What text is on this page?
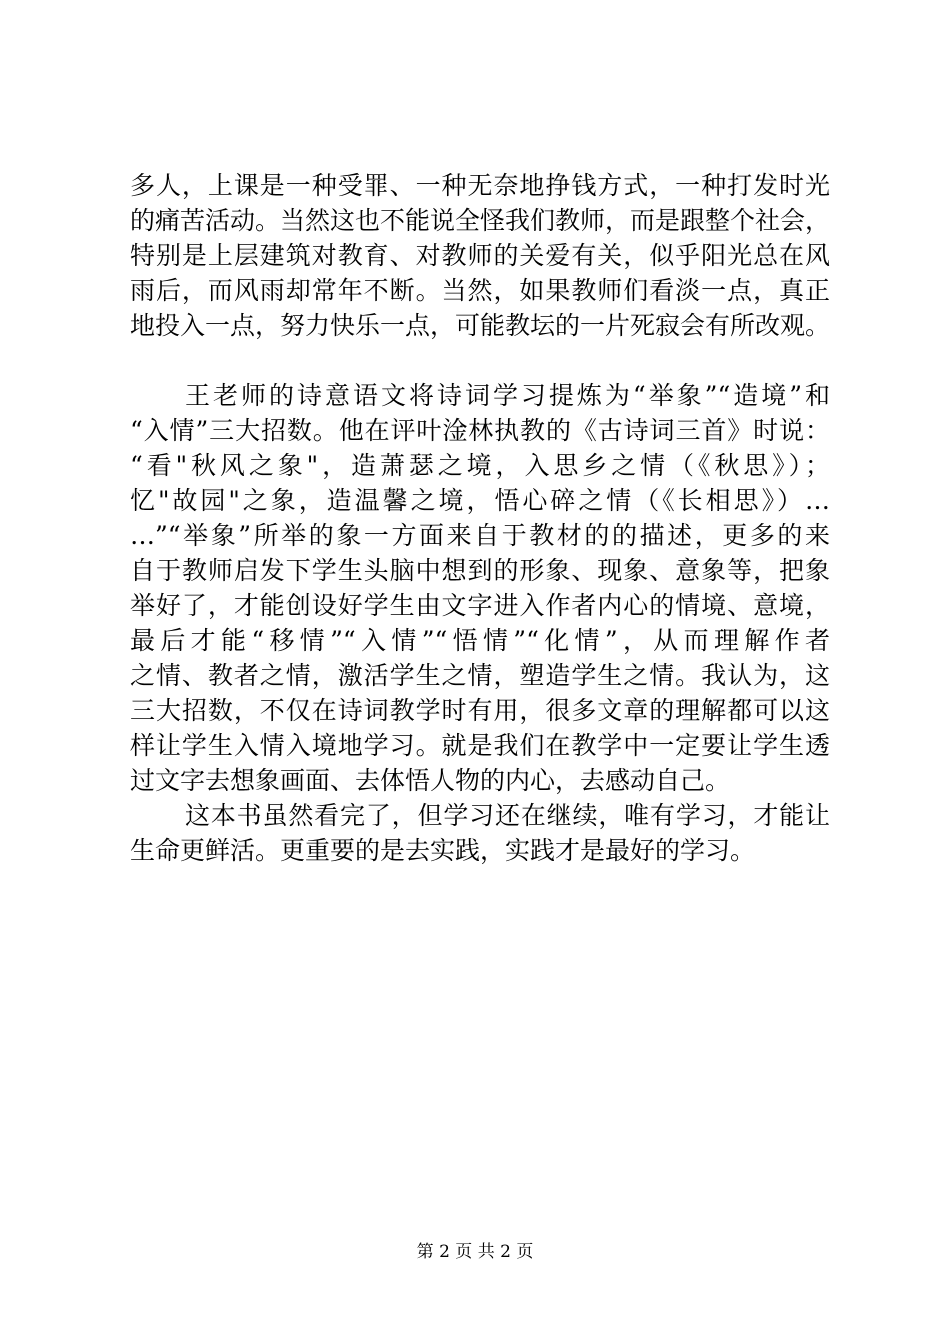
多人，上课是一种受罪、一种无奈地挣钱方式，一种打发时光
的痛苦活动。当然这也不能说全怪我们教师，而是跟整个社会，
特别是上层建筑对教育、对教师的关爱有关，似乎阳光总在风
雨后，而风雨却常年不断。当然，如果教师们看淡一点，真正
地投入一点，努力快乐一点，可能教坛的一片死寂会有所改观。
王老师的诗意语文将诗词学习提炼为“举象”“造境”和
“入情”三大招数。他在评叶淦林执教的《古诗词三首》时说：
“看"秋风之象"，造萧瑟之境，入思乡之情（《秋思》）；
忆"故园"之象，造温馨之境，悟心碎之情（《长相思》）…
…”“举象”所举的象一方面来自于教材的的描述，更多的来
自于教师启发下学生头脑中想到的形象、现象、意象等，把象
举好了，才能创设好学生由文字进入作者内心的情境、意境，
最后才能“移情”“入情”“悟情”“化情”，从而理解作者
之情、教者之情，激活学生之情，塑造学生之情。我认为，这
三大招数，不仅在诗词教学时有用，很多文章的理解都可以这
样让学生入情入境地学习。就是我们在教学中一定要让学生透
过文字去想象画面、去体悟人物的内心，去感动自己。
这本书虽然看完了，但学习还在继续，唯有学习，才能让
生命更鲜活。更重要的是去实践，实践才是最好的学习。
第 2 页 共 2 页
